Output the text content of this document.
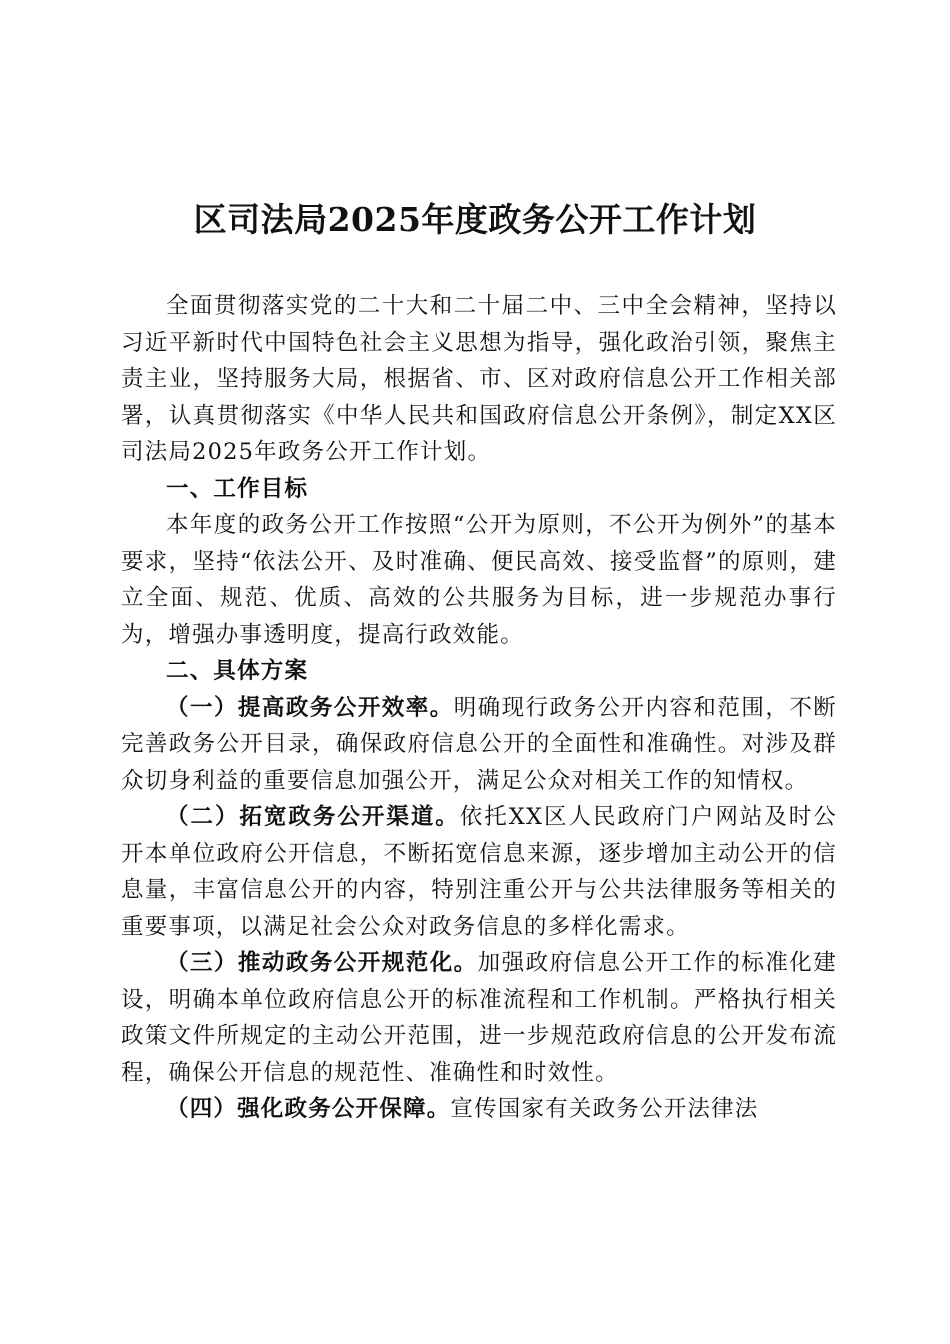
区司法局2025年度政务公开工作计划

全面贯彻落实党的二十大和二十届二中、三中全会精神，坚持以习近平新时代中国特色社会主义思想为指导，强化政治引领，聚焦主责主业，坚持服务大局，根据省、市、区对政府信息公开工作相关部署，认真贯彻落实《中华人民共和国政府信息公开条例》，制定XX区司法局2025年政务公开工作计划。

一、工作目标

本年度的政务公开工作按照“公开为原则，不公开为例外”的基本要求，坚持“依法公开、及时准确、便民高效、接受监督”的原则，建立全面、规范、优质、高效的公共服务为目标，进一步规范办事行为，增强办事透明度，提高行政效能。

二、具体方案

（一）提高政务公开效率。明确现行政务公开内容和范围，不断完善政务公开目录，确保政府信息公开的全面性和准确性。对涉及群众切身利益的重要信息加强公开，满足公众对相关工作的知情权。

（二）拓宽政务公开渠道。依托XX区人民政府门户网站及时公开本单位政府公开信息，不断拓宽信息来源，逐步增加主动公开的信息量，丰富信息公开的内容，特别注重公开与公共法律服务等相关的重要事项，以满足社会公众对政务信息的多样化需求。

（三）推动政务公开规范化。加强政府信息公开工作的标准化建设，明确本单位政府信息公开的标准流程和工作机制。严格执行相关政策文件所规定的主动公开范围，进一步规范政府信息的公开发布流程，确保公开信息的规范性、准确性和时效性。

（四）强化政务公开保障。宣传国家有关政务公开法律法
